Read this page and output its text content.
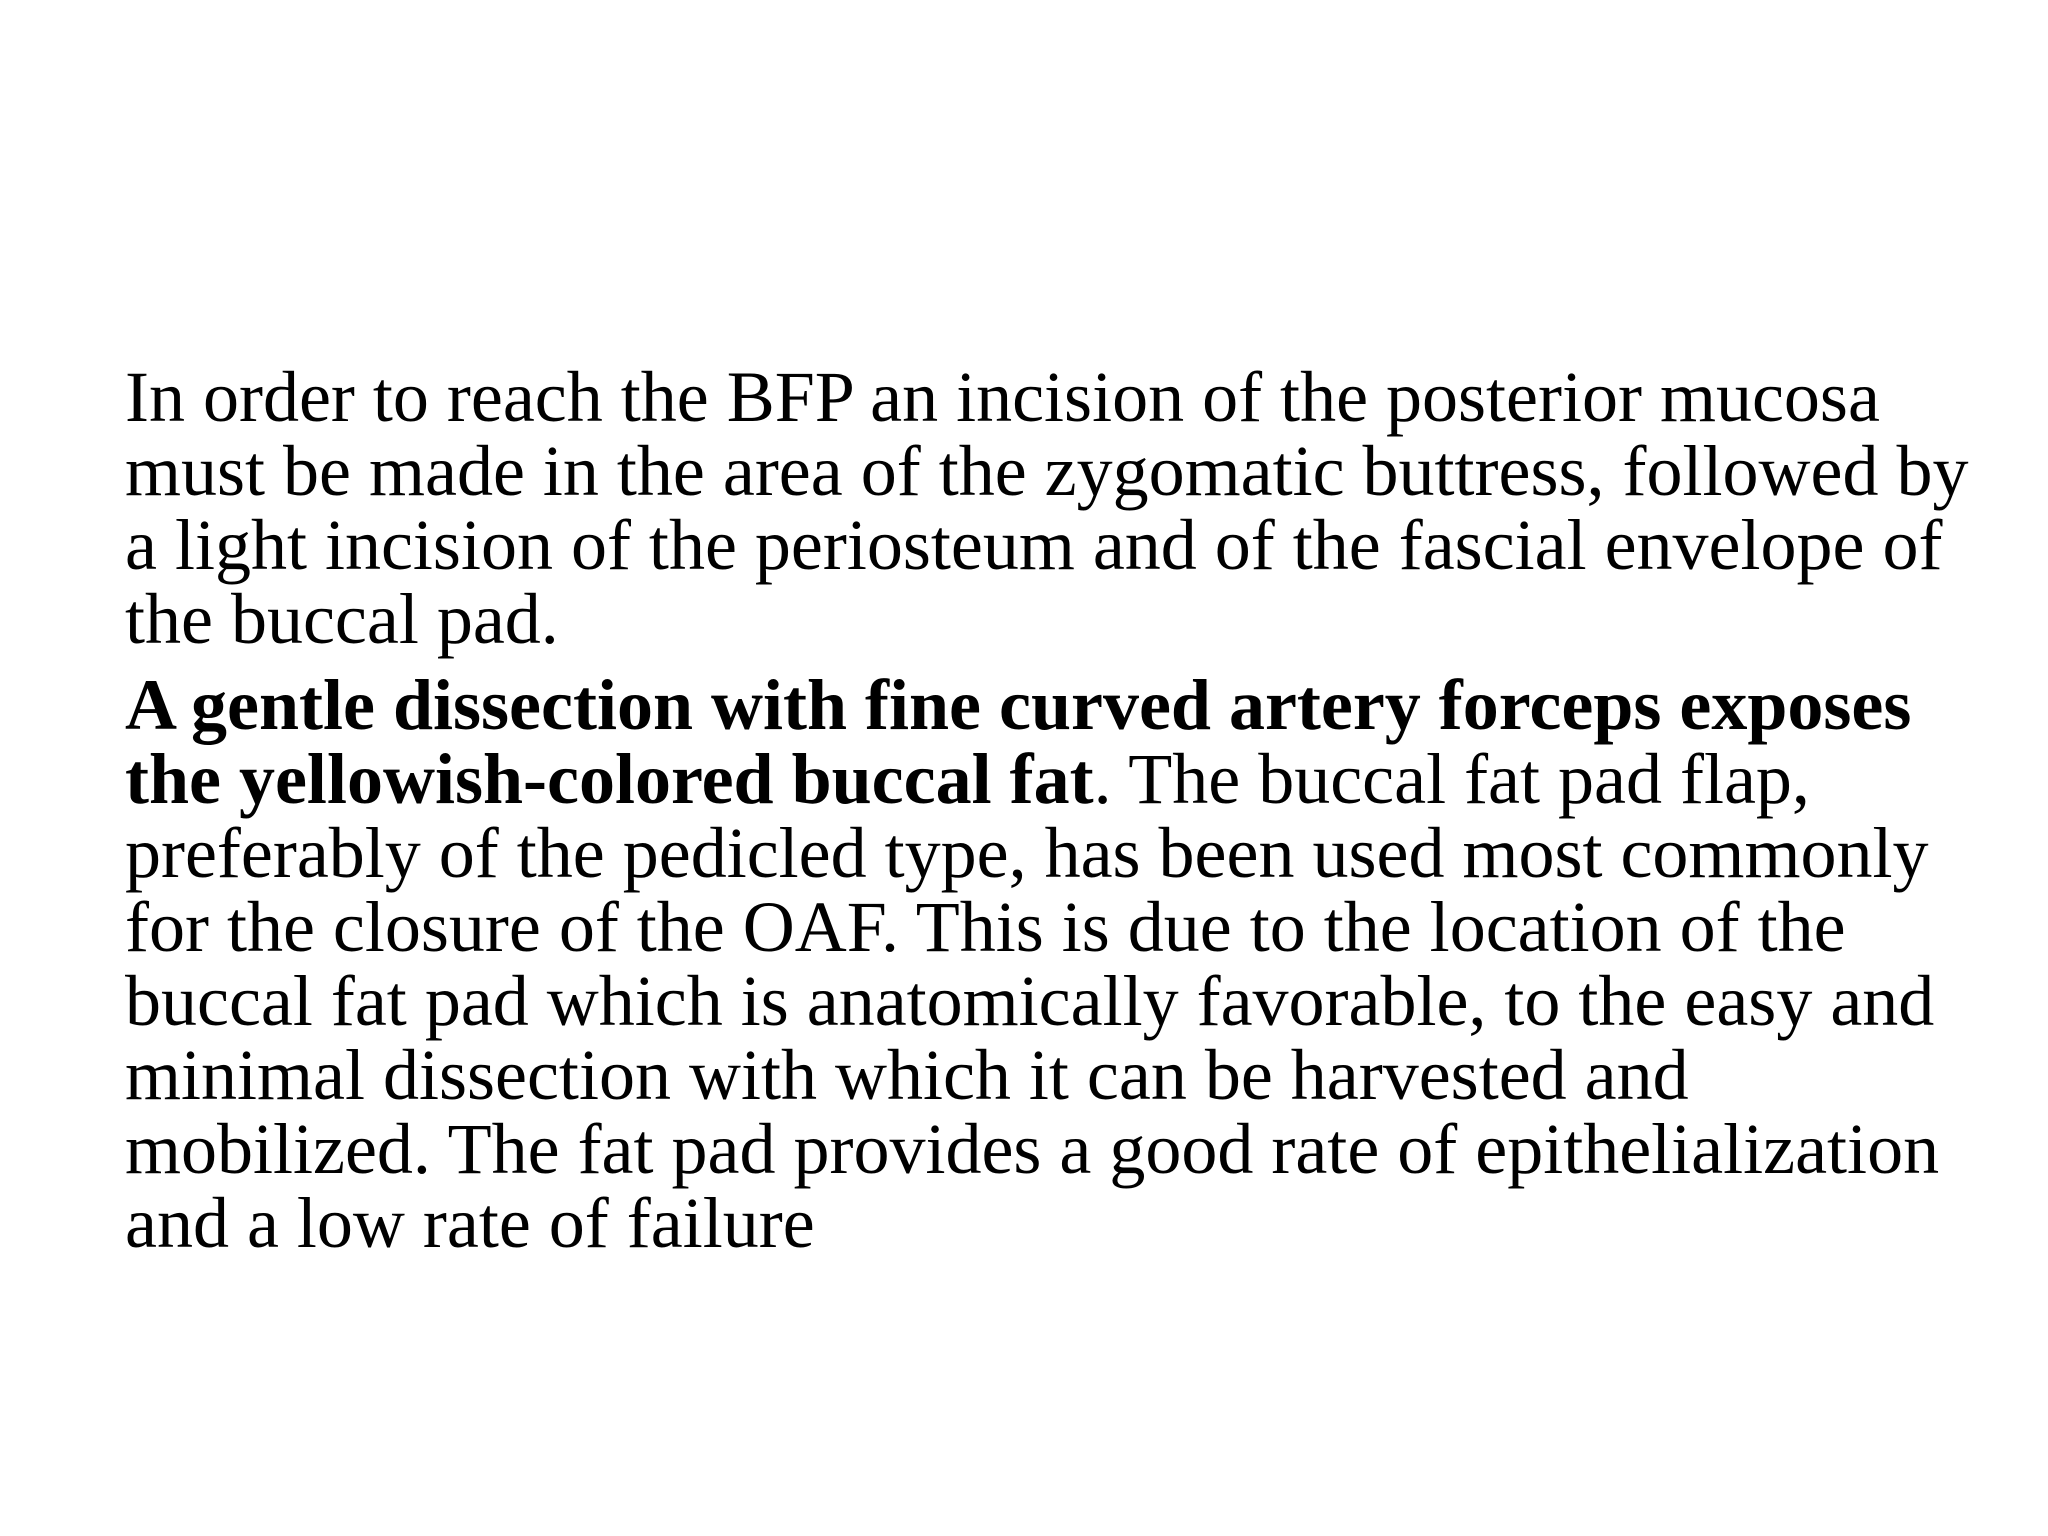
In order to reach the BFP an incision of the posterior mucosa must be made in the area of the zygomatic buttress, followed by a light incision of the periosteum and of the fascial envelope of the buccal pad.

A gentle dissection with fine curved artery forceps exposes the yellowish-colored buccal fat. The buccal fat pad flap, preferably of the pedicled type, has been used most commonly for the closure of the OAF. This is due to the location of the buccal fat pad which is anatomically favorable, to the easy and minimal dissection with which it can be harvested and mobilized. The fat pad provides a good rate of epithelialization and a low rate of failure
